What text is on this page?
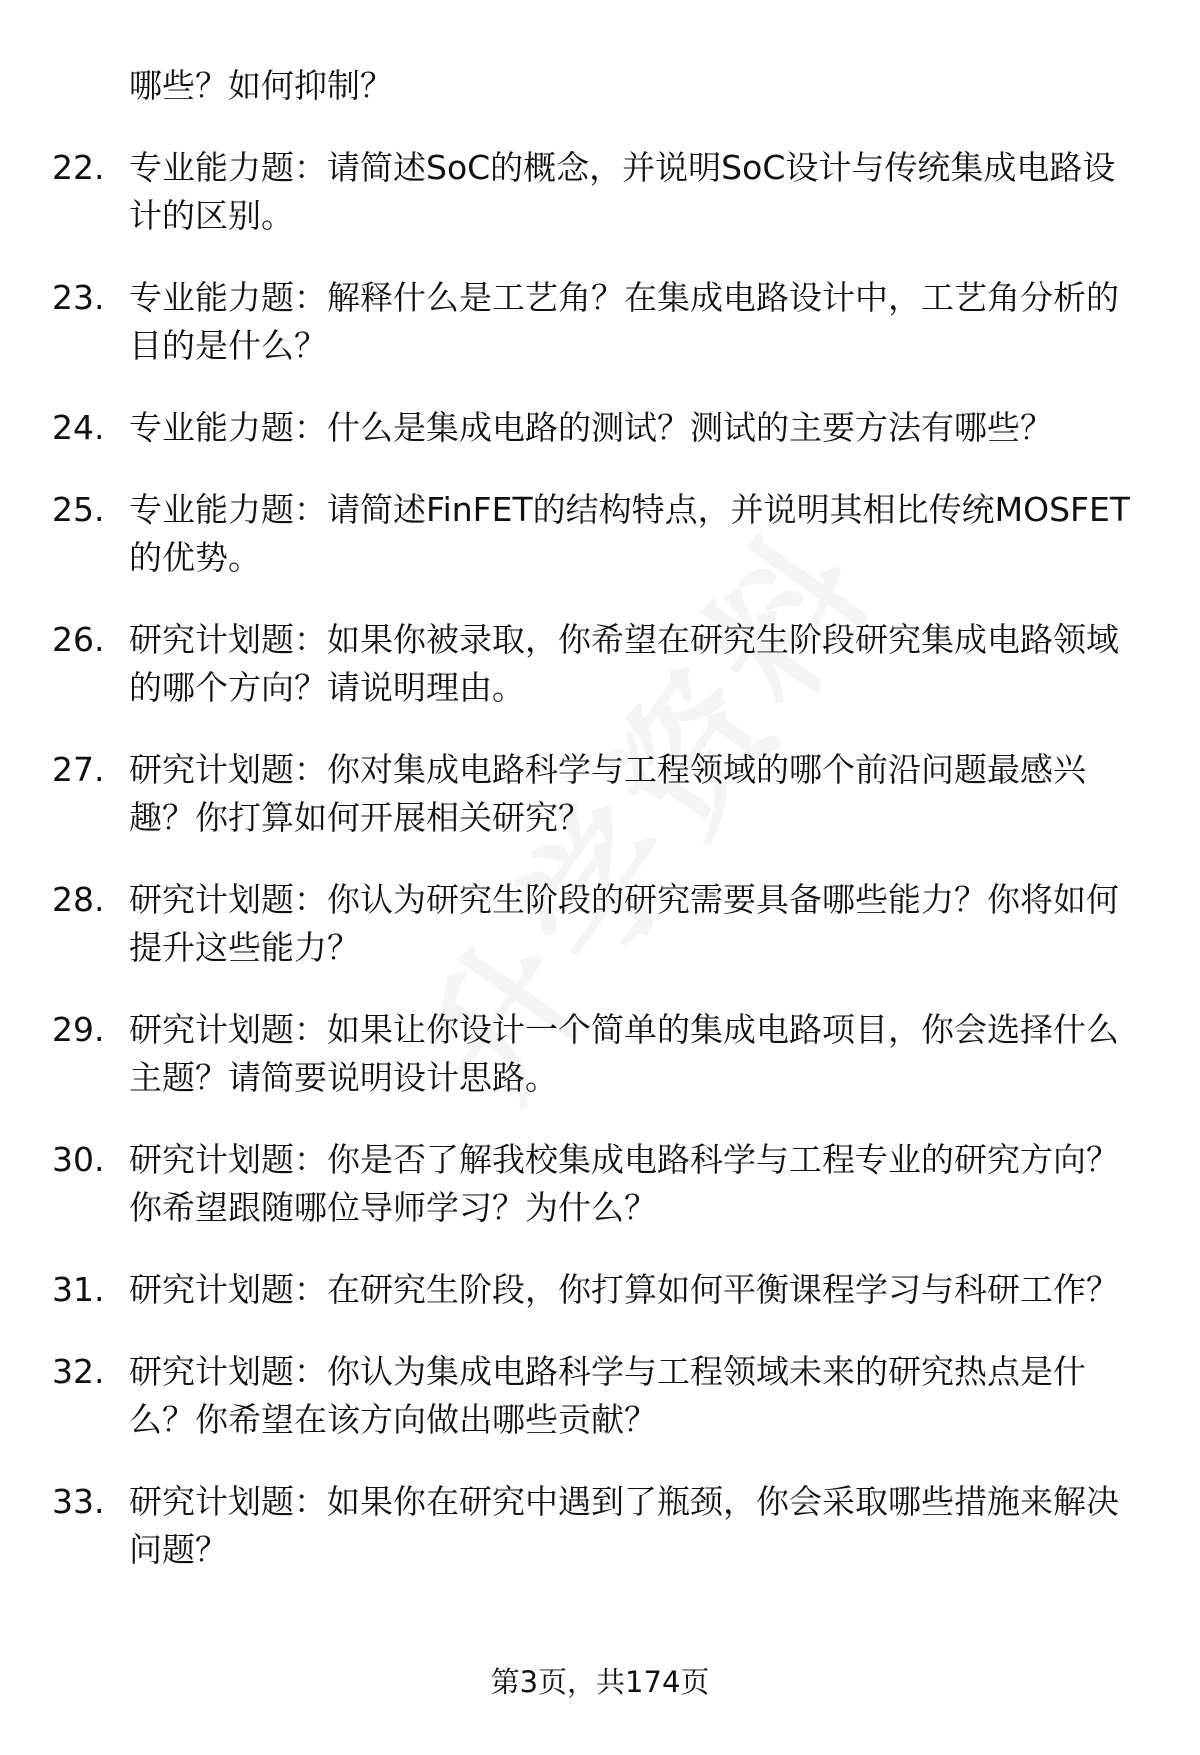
哪些？如何抑制？
22. 专业能力题：请简述SoC的概念，并说明SoC设计与传统集成电路设计的区别。
23. 专业能力题：解释什么是工艺角？在集成电路设计中，工艺角分析的目的是什么？
24. 专业能力题：什么是集成电路的测试？测试的主要方法有哪些？
25. 专业能力题：请简述FinFET的结构特点，并说明其相比传统MOSFET的优势。
26. 研究计划题：如果你被录取，你希望在研究生阶段研究集成电路领域的哪个方向？请说明理由。
27. 研究计划题：你对集成电路科学与工程领域的哪个前沿问题最感兴趣？你打算如何开展相关研究？
28. 研究计划题：你认为研究生阶段的研究需要具备哪些能力？你将如何提升这些能力？
29. 研究计划题：如果让你设计一个简单的集成电路项目，你会选择什么主题？请简要说明设计思路。
30. 研究计划题：你是否了解我校集成电路科学与工程专业的研究方向？你希望跟随哪位导师学习？为什么？
31. 研究计划题：在研究生阶段，你打算如何平衡课程学习与科研工作？
32. 研究计划题：你认为集成电路科学与工程领域未来的研究热点是什么？你希望在该方向做出哪些贡献？
33. 研究计划题：如果你在研究中遇到了瓶颈，你会采取哪些措施来解决问题？
第3页，共174页
